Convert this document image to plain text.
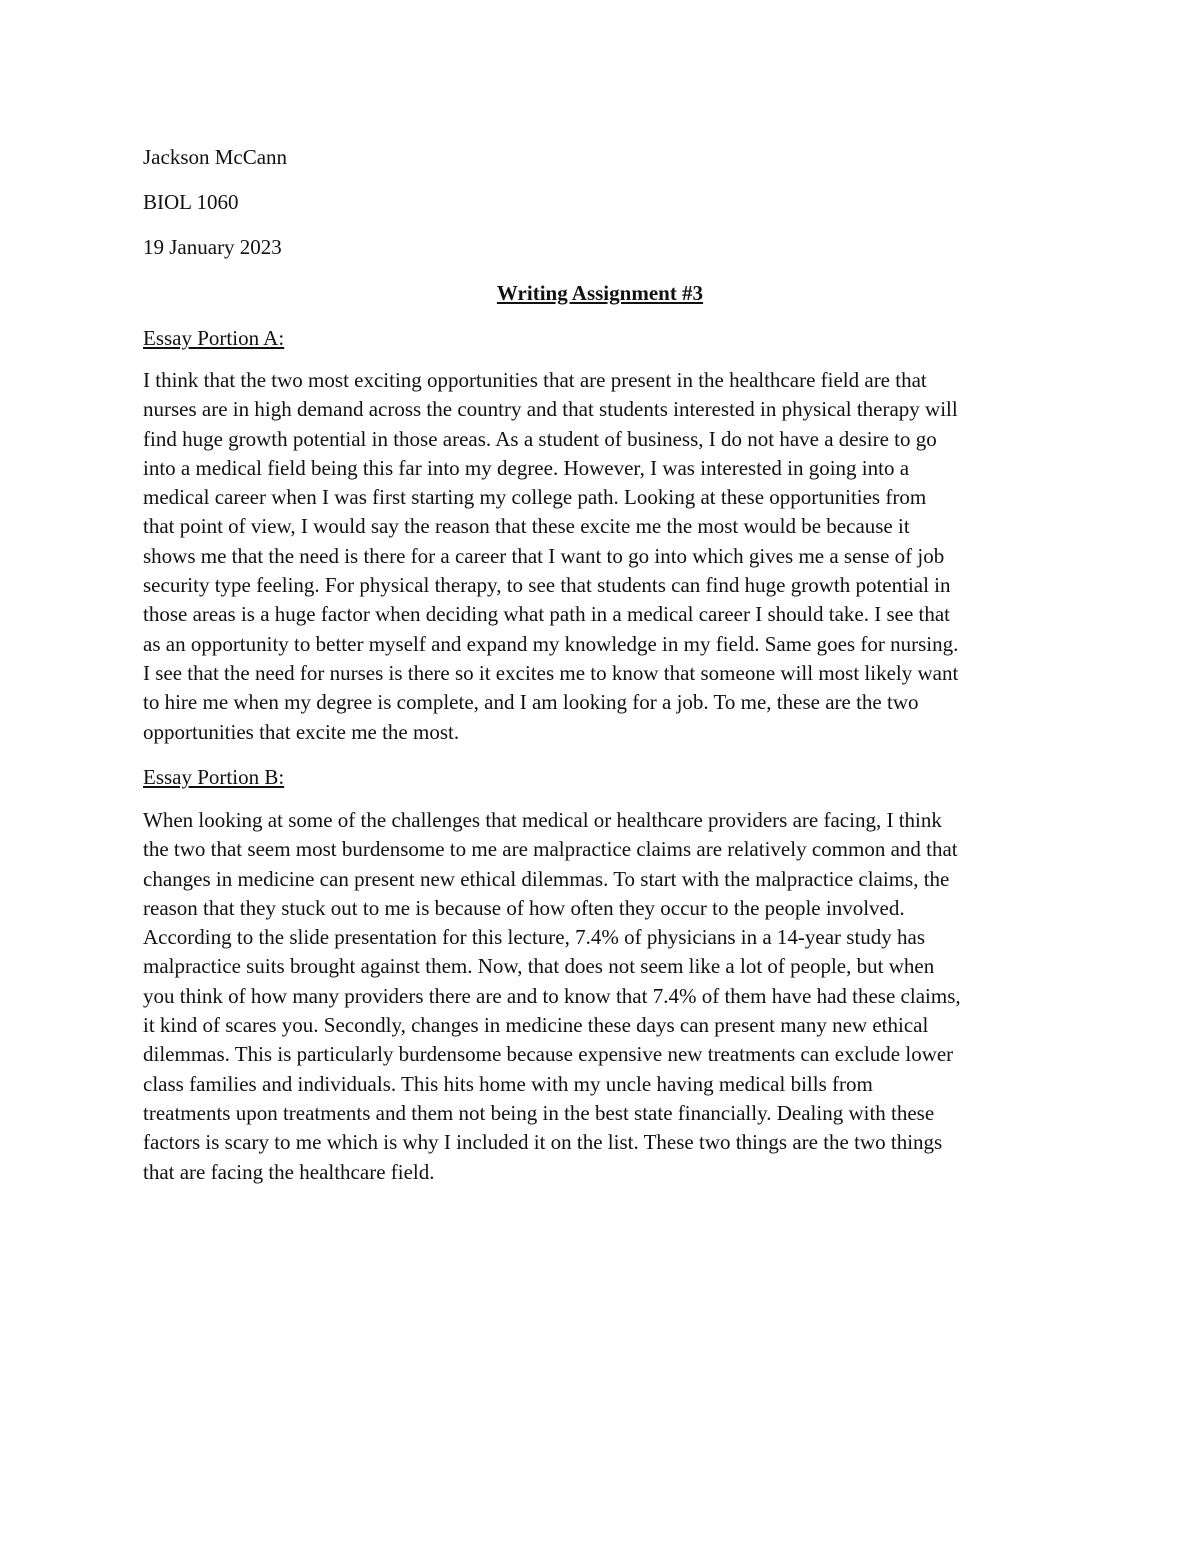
Jackson McCann
BIOL 1060
19 January 2023
Writing Assignment #3
Essay Portion A:
I think that the two most exciting opportunities that are present in the healthcare field are that
nurses are in high demand across the country and that students interested in physical therapy will
find huge growth potential in those areas. As a student of business, I do not have a desire to go
into a medical field being this far into my degree. However, I was interested in going into a
medical career when I was first starting my college path. Looking at these opportunities from
that point of view, I would say the reason that these excite me the most would be because it
shows me that the need is there for a career that I want to go into which gives me a sense of job
security type feeling. For physical therapy, to see that students can find huge growth potential in
those areas is a huge factor when deciding what path in a medical career I should take. I see that
as an opportunity to better myself and expand my knowledge in my field. Same goes for nursing.
I see that the need for nurses is there so it excites me to know that someone will most likely want
to hire me when my degree is complete, and I am looking for a job. To me, these are the two
opportunities that excite me the most.
Essay Portion B:
When looking at some of the challenges that medical or healthcare providers are facing, I think
the two that seem most burdensome to me are malpractice claims are relatively common and that
changes in medicine can present new ethical dilemmas. To start with the malpractice claims, the
reason that they stuck out to me is because of how often they occur to the people involved.
According to the slide presentation for this lecture, 7.4% of physicians in a 14-year study has
malpractice suits brought against them. Now, that does not seem like a lot of people, but when
you think of how many providers there are and to know that 7.4% of them have had these claims,
it kind of scares you. Secondly, changes in medicine these days can present many new ethical
dilemmas. This is particularly burdensome because expensive new treatments can exclude lower
class families and individuals. This hits home with my uncle having medical bills from
treatments upon treatments and them not being in the best state financially. Dealing with these
factors is scary to me which is why I included it on the list. These two things are the two things
that are facing the healthcare field.
